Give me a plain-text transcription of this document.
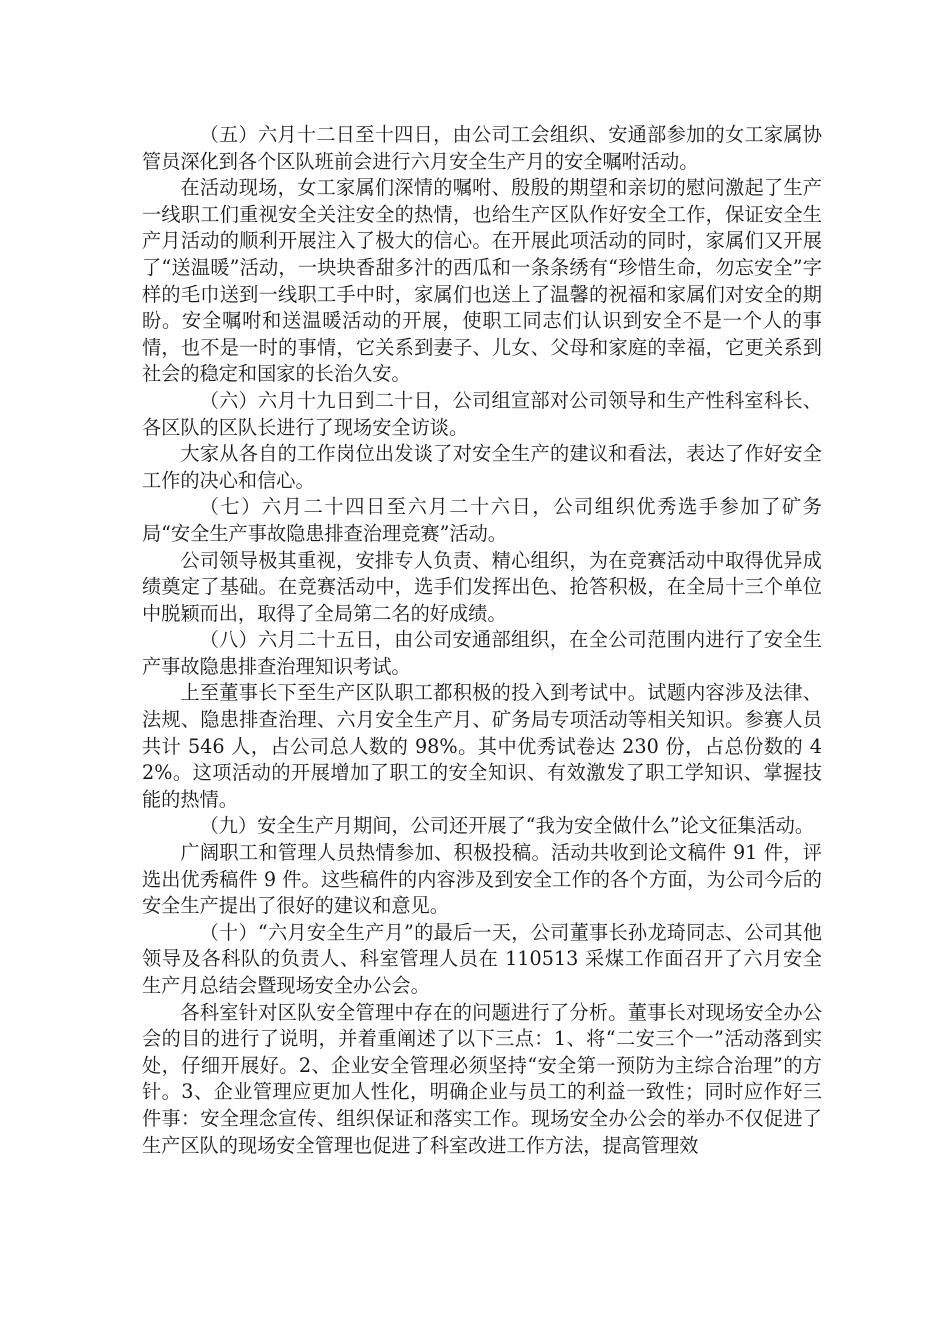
（五）六月十二日至十四日，由公司工会组织、安通部参加的女工家属协管员深化到各个区队班前会进行六月安全生产月的安全嘱咐活动。

在活动现场，女工家属们深情的嘱咐、殷殷的期望和亲切的慰问激起了生产一线职工们重视安全关注安全的热情，也给生产区队作好安全工作，保证安全生产月活动的顺利开展注入了极大的信心。在开展此项活动的同时，家属们又开展了“送温暖”活动，一块块香甜多汁的西瓜和一条条绣有“珍惜生命，勿忘安全”字样的毛巾送到一线职工手中时，家属们也送上了温馨的祝福和家属们对安全的期盼。安全嘱咐和送温暖活动的开展，使职工同志们认识到安全不是一个人的事情，也不是一时的事情，它关系到妻子、儿女、父母和家庭的幸福，它更关系到社会的稳定和国家的长治久安。

（六）六月十九日到二十日，公司组宣部对公司领导和生产性科室科长、各区队的区队长进行了现场安全访谈。

大家从各自的工作岗位出发谈了对安全生产的建议和看法，表达了作好安全工作的决心和信心。

（七）六月二十四日至六月二十六日，公司组织优秀选手参加了矿务局“安全生产事故隐患排查治理竞赛”活动。

公司领导极其重视，安排专人负责、精心组织，为在竞赛活动中取得优异成绩奠定了基础。在竞赛活动中，选手们发挥出色、抢答积极，在全局十三个单位中脱颖而出，取得了全局第二名的好成绩。

（八）六月二十五日，由公司安通部组织，在全公司范围内进行了安全生产事故隐患排查治理知识考试。

上至董事长下至生产区队职工都积极的投入到考试中。试题内容涉及法律、法规、隐患排查治理、六月安全生产月、矿务局专项活动等相关知识。参赛人员共计 546 人，占公司总人数的 98%。其中优秀试卷达 230 份，占总份数的 42%。这项活动的开展增加了职工的安全知识、有效激发了职工学知识、掌握技能的热情。

（九）安全生产月期间，公司还开展了“我为安全做什么”论文征集活动。

广阔职工和管理人员热情参加、积极投稿。活动共收到论文稿件 91 件，评选出优秀稿件 9 件。这些稿件的内容涉及到安全工作的各个方面，为公司今后的安全生产提出了很好的建议和意见。

（十）“六月安全生产月”的最后一天，公司董事长孙龙琦同志、公司其他领导及各科队的负责人、科室管理人员在 110513 采煤工作面召开了六月安全生产月总结会暨现场安全办公会。

各科室针对区队安全管理中存在的问题进行了分析。董事长对现场安全办公会的目的进行了说明，并着重阐述了以下三点：1、将“二安三个一”活动落到实处，仔细开展好。2、企业安全管理必须坚持“安全第一预防为主综合治理”的方针。3、企业管理应更加人性化，明确企业与员工的利益一致性；同时应作好三件事：安全理念宣传、组织保证和落实工作。现场安全办公会的举办不仅促进了生产区队的现场安全管理也促进了科室改进工作方法，提高管理效
